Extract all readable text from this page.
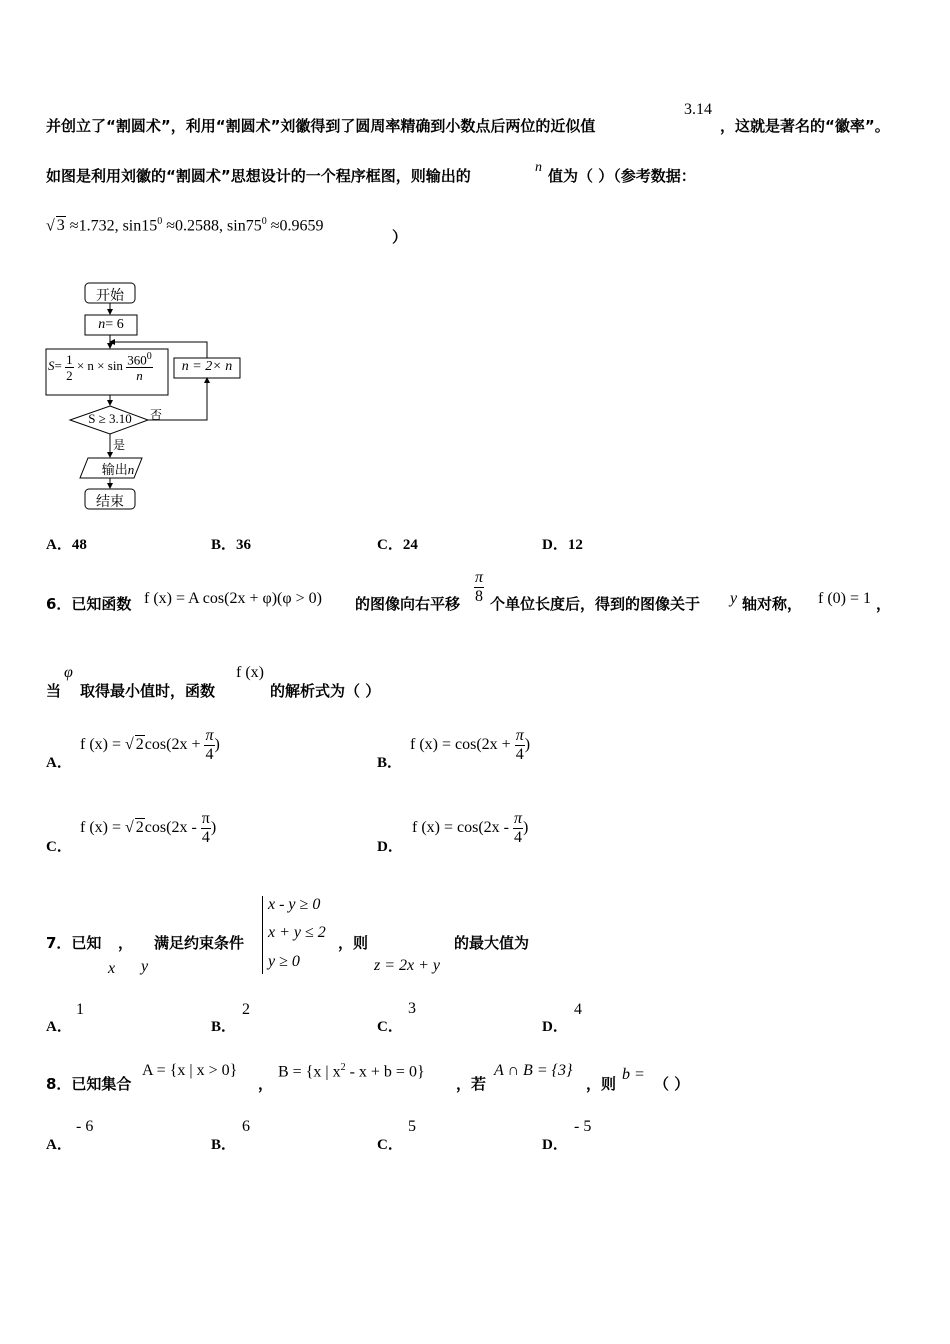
并创立了“割圆术”，利用“割圆术”刘徽得到了圆周率精确到小数点后两位的近似值
3.14
，这就是著名的“徽率”。
如图是利用刘徽的“割圆术”思想设计的一个程序框图，则输出的	n 值为（ ）（参考数据：
√ 3 ≈1.732, $\sin 15^0 \approx 0.2588$, $\sin 75^0 \approx 0.9659$
）
开始
n= 6
$S= \frac{1}{2} \times n \times \sin \frac{360^0}{n}$	n = 2× n
S ≥ 3.10	否
是
输出n
结束
A．48	B．36	C．24	D．12
6．已知函数 f (x) = A cos(2x + φ)(φ > 0) 的图像向右平移 $\frac{\pi}{8}$ 个单位长度后，得到的图像关于 y 轴对称， f (0) = 1 ，
当
φ
取得最小值时，函数
f (x)
的解析式为（ ）
A．
f (x) = √ $2\cos(2x + \frac{\pi}{4}$ )
B．
f $(x) = \cos(2x + \frac{\pi}{4}$ )
C．
f (x) = √ $2\cos(2x - \frac{\pi}{4}$ )
D．
f $(x) = \cos(2x - \frac{\pi}{4}$ )
7．已知 ， 满足约束条件
x - y ≥ 0
x + y ≤ 2
y ≥ 0
，则	的最大值为
x y	z = 2x + y
A．
1
B．
2
C．
3
D．
4
8．已知集合
A = {x | x > 0}
，
B = {x | $x^2 - x + b = 0$}
，若
A ∩ B = {3}
，则
b =
（ ）
A．
- 6
B．
6
C．
5
D．
- 5
